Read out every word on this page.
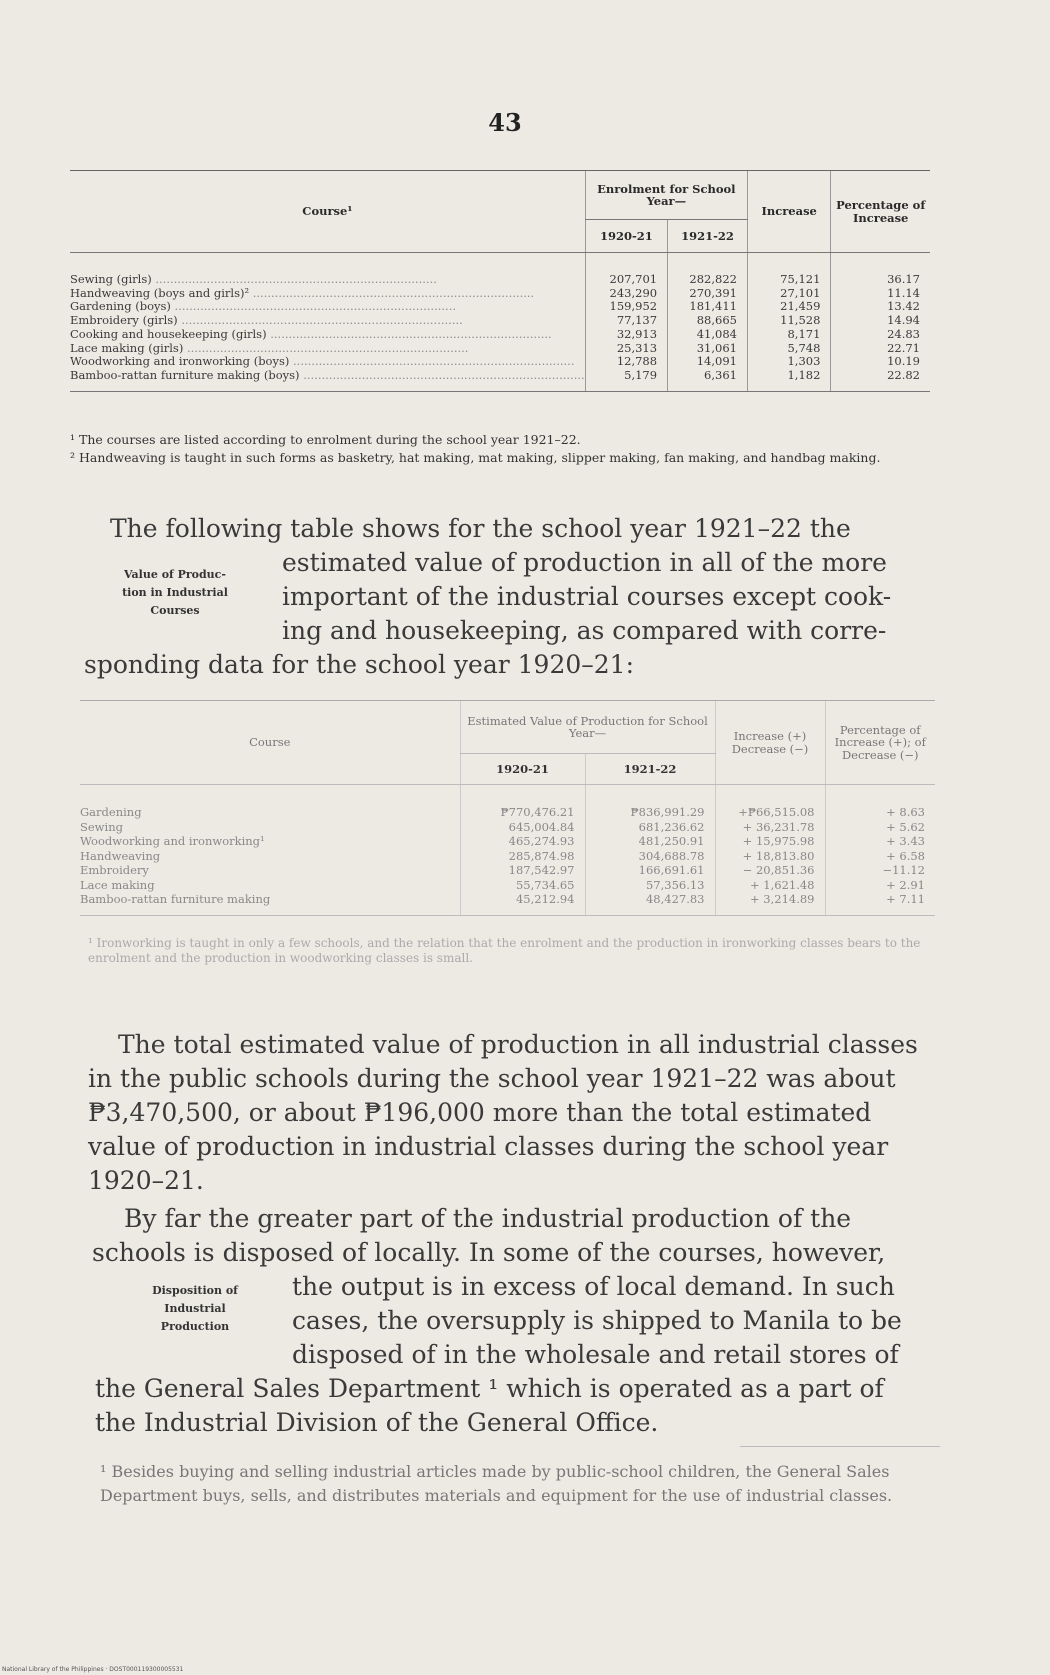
43
Course¹	Enrolment for School Year—		Increase	Percentage of Increase
	1920-21	1921-22		

Sewing (girls) .....	207,701	282,822	75,121	36.17
Handweaving (boys and girls)² .....	243,290	270,391	27,101	11.14
Gardening (boys) .....	159,952	181,411	21,459	13.42
Embroidery (girls) .....	77,137	88,665	11,528	14.94
Cooking and housekeeping (girls) .....	32,913	41,084	8,171	24.83
Lace making (girls) .....	25,313	31,061	5,748	22.71
Woodworking and ironworking (boys) .....	12,788	14,091	1,303	10.19
Bamboo-rattan furniture making (boys) .....	5,179	6,361	1,182	22.82
¹ The courses are listed according to enrolment during the school year 1921–22.
² Handweaving is taught in such forms as basketry, hat making, mat making, slipper making, fan making, and handbag making.
Value of Produc-
tion in Industrial
Courses
The following table shows for the school year 1921–22 the
estimated value of production in all of the more
important of the industrial courses except cook-
ing and housekeeping, as compared with corre-
sponding data for the school year 1920–21:
Course	Estimated Value of Production for School Year—		Increase (+) Decrease (−)	Percentage of Increase (+); of Decrease (−)
	1920-21	1921-22		

Gardening	₱770,476.21	₱836,991.29	+₱66,515.08	+ 8.63
Sewing	645,004.84	681,236.62	+ 36,231.78	+ 5.62
Woodworking and ironworking¹	465,274.93	481,250.91	+ 15,975.98	+ 3.43
Handweaving	285,874.98	304,688.78	+ 18,813.80	+ 6.58
Embroidery	187,542.97	166,691.61	− 20,851.36	−11.12
Lace making	55,734.65	57,356.13	+ 1,621.48	+ 2.91
Bamboo-rattan furniture making	45,212.94	48,427.83	+ 3,214.89	+ 7.11
¹ Ironworking is taught in only a few schools, and the relation that the enrolment and the production in ironworking classes bears to the enrolment and the production in woodworking classes is small.
The total estimated value of production in all industrial classes
in the public schools during the school year 1921–22 was about
₱3,470,500, or about ₱196,000 more than the total estimated
value of production in industrial classes during the school year
1920–21.
Disposition of
Industrial
Production
By far the greater part of the industrial production of the
schools is disposed of locally. In some of the courses, however,
the output is in excess of local demand. In such
cases, the oversupply is shipped to Manila to be
disposed of in the wholesale and retail stores of
the General Sales Department ¹ which is operated as a part of
the Industrial Division of the General Office.
¹ Besides buying and selling industrial articles made by public-school children, the General Sales Department buys, sells, and distributes materials and equipment for the use of industrial classes.
National Library of the Philippines · DOST000119300005531
